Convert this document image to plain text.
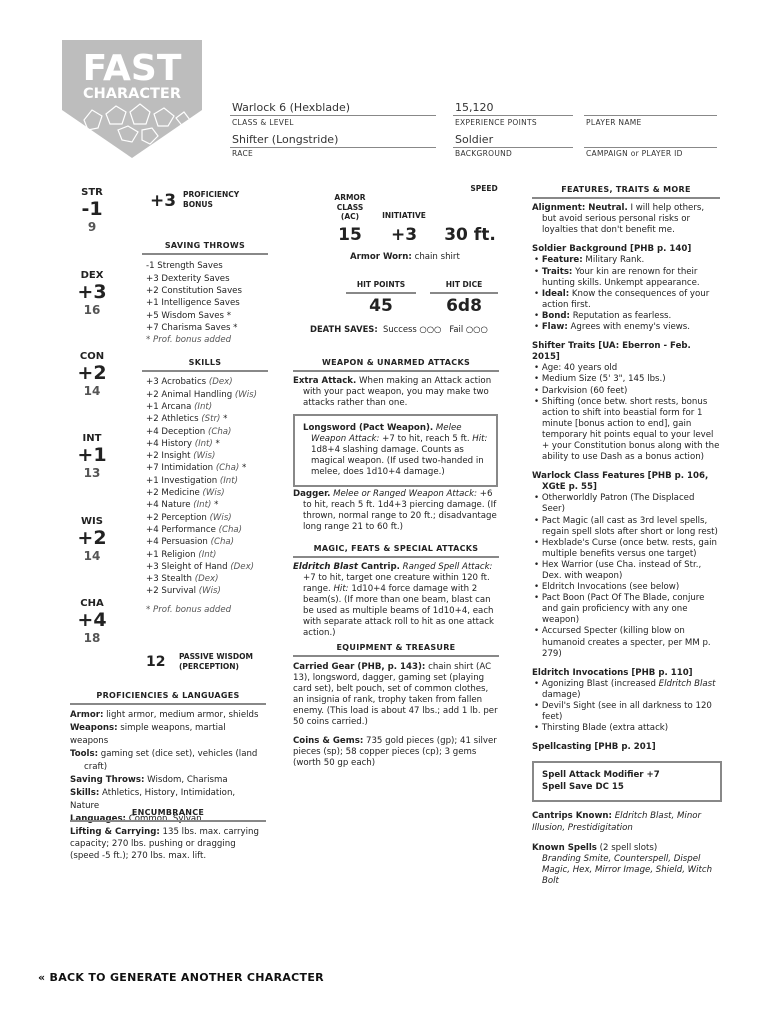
FAST
CHARACTER
Warlock 6 (Hexblade)
CLASS & LEVEL
15,120
EXPERIENCE POINTS	PLAYER NAME
Shifter (Longstride)
RACE
Soldier
BACKGROUND	CAMPAIGN or PLAYER ID
STR
-1
9
DEX
+3
16
CON
+2
14
INT
+1
13
WIS
+2
14
CHA
+4
18
+3 PROFICIENCY
BONUS
SAVING THROWS
-1 Strength Saves
+3 Dexterity Saves
+2 Constitution Saves
+1 Intelligence Saves
+5 Wisdom Saves *
+7 Charisma Saves *
* Prof. bonus added
SKILLS
+3 Acrobatics (Dex)
+2 Animal Handling (Wis)
+1 Arcana (Int)
+2 Athletics (Str) *
+4 Deception (Cha)
+4 History (Int) *
+2 Insight (Wis)
+7 Intimidation (Cha) *
+1 Investigation (Int)
+2 Medicine (Wis)
+4 Nature (Int) *
+2 Perception (Wis)
+4 Performance (Cha)
+4 Persuasion (Cha)
+1 Religion (Int)
+3 Sleight of Hand (Dex)
+3 Stealth (Dex)
+2 Survival (Wis)
* Prof. bonus added
12 PASSIVE WISDOM
(PERCEPTION)
PROFICIENCIES & LANGUAGES
Armor: light armor, medium armor, shields
Weapons: simple weapons, martial weapons
Tools: gaming set (dice set), vehicles (land craft)
Saving Throws: Wisdom, Charisma
Skills: Athletics, History, Intimidation, Nature
Languages: Common, Sylvan
ENCUMBRANCE
Lifting & Carrying: 135 lbs. max. carrying capacity; 270 lbs. pushing or dragging (speed -5 ft.); 270 lbs. max. lift.
ARMOR
CLASS
(AC)	INITIATIVE
SPEED
15	+3	30 ft.
Armor Worn: chain shirt
HIT POINTS	HIT DICE
45	6d8
DEATH SAVES: Success ○○○ Fail ○○○
WEAPON & UNARMED ATTACKS
Extra Attack. When making an Attack action with your pact weapon, you may make two attacks rather than one.
Longsword (Pact Weapon). Melee Weapon Attack: +7 to hit, reach 5 ft. Hit: 1d8+4 slashing damage. Counts as magical weapon. (If used two-handed in melee, does 1d10+4 damage.)
Dagger. Melee or Ranged Weapon Attack: +6 to hit, reach 5 ft. 1d4+3 piercing damage. (If thrown, normal range to 20 ft.; disadvantage long range 21 to 60 ft.)
MAGIC, FEATS & SPECIAL ATTACKS
Eldritch Blast Cantrip. Ranged Spell Attack: +7 to hit, target one creature within 120 ft. range. Hit: 1d10+4 force damage with 2 beam(s). (If more than one beam, blast can be used as multiple beams of 1d10+4, each with separate attack roll to hit as one attack action.)
EQUIPMENT & TREASURE
Carried Gear (PHB, p. 143): chain shirt (AC 13), longsword, dagger, gaming set (playing card set), belt pouch, set of common clothes, an insignia of rank, trophy taken from fallen enemy. (This load is about 47 lbs.; add 1 lb. per 50 coins carried.)
Coins & Gems: 735 gold pieces (gp); 41 silver pieces (sp); 58 copper pieces (cp); 3 gems (worth 50 gp each)
FEATURES, TRAITS & MORE
Alignment: Neutral. I will help others, but avoid serious personal risks or loyalties that don't benefit me.
Soldier Background [PHB p. 140]
• Feature: Military Rank.
• Traits: Your kin are renown for their hunting skills. Unkempt appearance.
• Ideal: Know the consequences of your action first.
• Bond: Reputation as fearless.
• Flaw: Agrees with enemy's views.
Shifter Traits [UA: Eberron - Feb. 2015]
• Age: 40 years old
• Medium Size (5' 3", 145 lbs.)
• Darkvision (60 feet)
• Shifting (once betw. short rests, bonus action to shift into beastial form for 1 minute [bonus action to end], gain temporary hit points equal to your level + your Constitution bonus along with the ability to use Dash as a bonus action)
Warlock Class Features [PHB p. 106, XGtE p. 55]
• Otherworldly Patron (The Displaced Seer)
• Pact Magic (all cast as 3rd level spells, regain spell slots after short or long rest)
• Hexblade's Curse (once betw. rests, gain multiple benefits versus one target)
• Hex Warrior (use Cha. instead of Str., Dex. with weapon)
• Eldritch Invocations (see below)
• Pact Boon (Pact Of The Blade, conjure and gain proficiency with any one weapon)
• Accursed Specter (killing blow on humanoid creates a specter, per MM p. 279)
Eldritch Invocations [PHB p. 110]
• Agonizing Blast (increased Eldritch Blast damage)
• Devil's Sight (see in all darkness to 120 feet)
• Thirsting Blade (extra attack)
Spellcasting [PHB p. 201]
Spell Attack Modifier +7
Spell Save DC 15
Cantrips Known: Eldritch Blast, Minor Illusion, Prestidigitation
Known Spells (2 spell slots)
Branding Smite, Counterspell, Dispel Magic, Hex, Mirror Image, Shield, Witch Bolt
« BACK TO GENERATE ANOTHER CHARACTER
